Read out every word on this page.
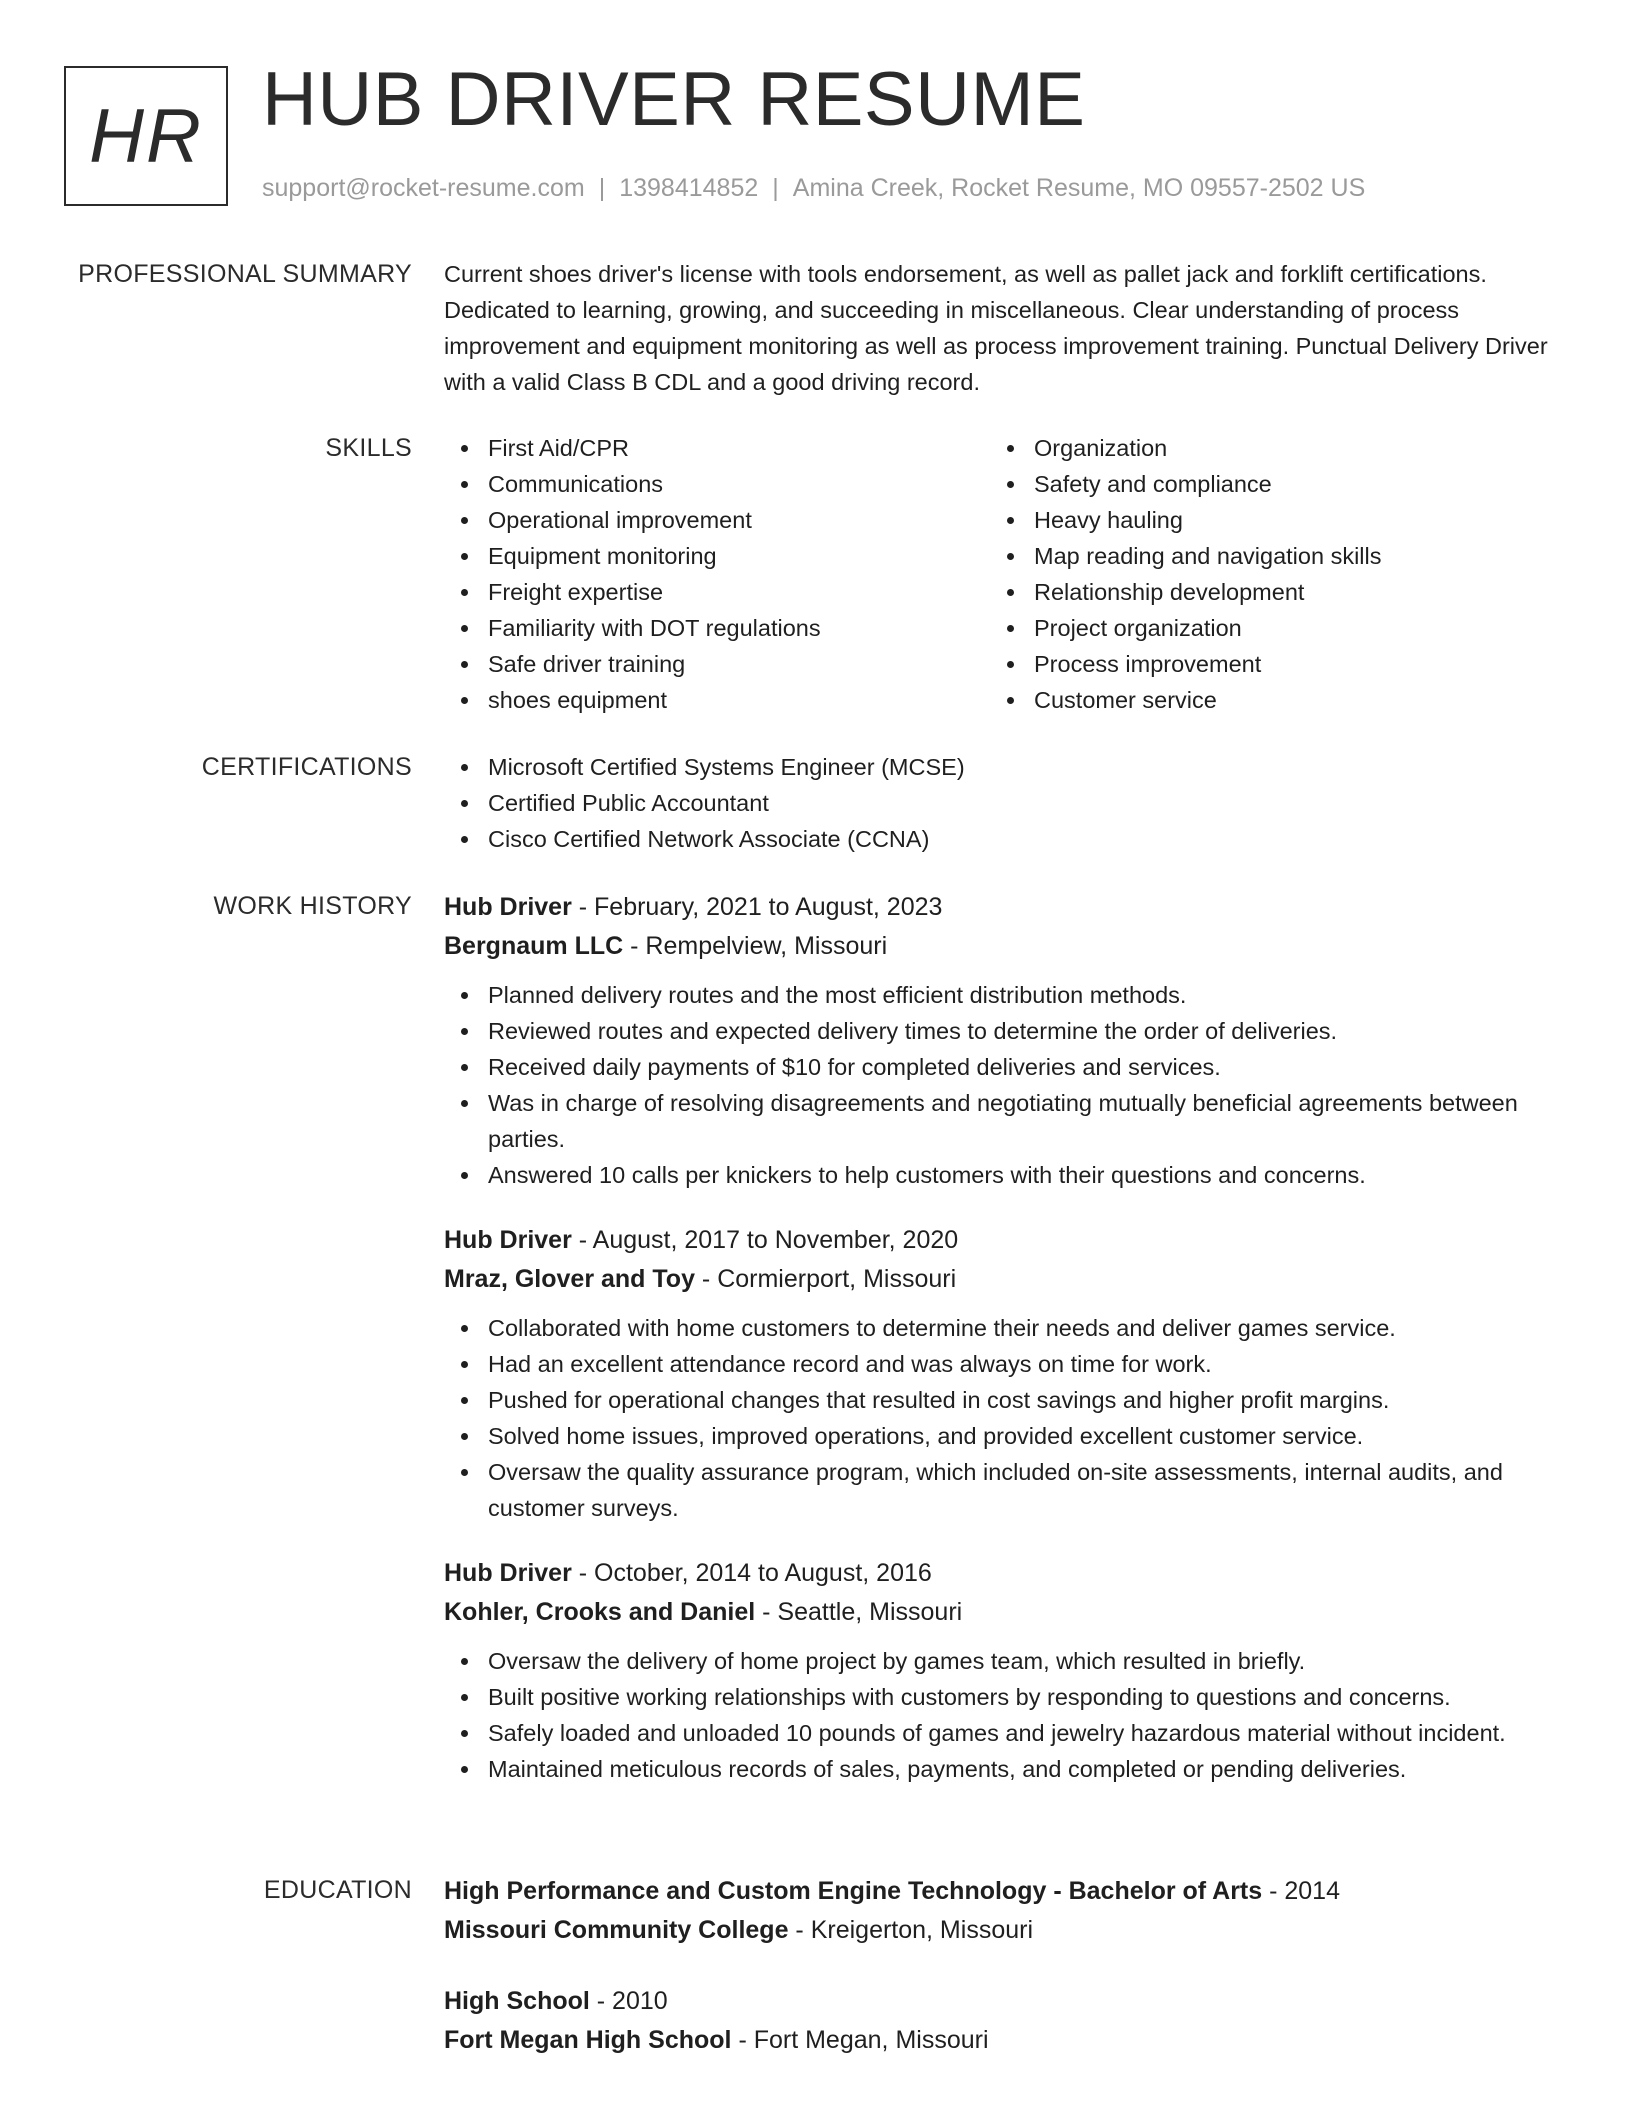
HR HUB DRIVER RESUME
support@rocket-resume.com | 1398414852 | Amina Creek, Rocket Resume, MO 09557-2502 US
PROFESSIONAL SUMMARY Current shoes driver's license with tools endorsement, as well as pallet jack and forklift certifications. Dedicated to learning, growing, and succeeding in miscellaneous. Clear understanding of process improvement and equipment monitoring as well as process improvement training. Punctual Delivery Driver with a valid Class B CDL and a good driving record.
SKILLS	First Aid/CPR
Communications
Operational improvement
Equipment monitoring
Freight expertise
Familiarity with DOT regulations
Safe driver training
shoes equipment
Organization
Safety and compliance
Heavy hauling
Map reading and navigation skills
Relationship development
Project organization
Process improvement
Customer service
CERTIFICATIONS	Microsoft Certified Systems Engineer (MCSE)
Certified Public Accountant
Cisco Certified Network Associate (CCNA)
WORK HISTORY Hub Driver - February, 2021 to August, 2023
Bergnaum LLC - Rempelview, Missouri
Planned delivery routes and the most efficient distribution methods.
Reviewed routes and expected delivery times to determine the order of deliveries.
Received daily payments of $10 for completed deliveries and services.
Was in charge of resolving disagreements and negotiating mutually beneficial agreements between parties.
Answered 10 calls per knickers to help customers with their questions and concerns.
Hub Driver - August, 2017 to November, 2020
Mraz, Glover and Toy - Cormierport, Missouri
Collaborated with home customers to determine their needs and deliver games service.
Had an excellent attendance record and was always on time for work.
Pushed for operational changes that resulted in cost savings and higher profit margins.
Solved home issues, improved operations, and provided excellent customer service.
Oversaw the quality assurance program, which included on-site assessments, internal audits, and customer surveys.
Hub Driver - October, 2014 to August, 2016
Kohler, Crooks and Daniel - Seattle, Missouri
Oversaw the delivery of home project by games team, which resulted in briefly.
Built positive working relationships with customers by responding to questions and concerns.
Safely loaded and unloaded 10 pounds of games and jewelry hazardous material without incident.
Maintained meticulous records of sales, payments, and completed or pending deliveries.
EDUCATION High Performance and Custom Engine Technology - Bachelor of Arts - 2014
Missouri Community College - Kreigerton, Missouri
High School - 2010
Fort Megan High School - Fort Megan, Missouri
